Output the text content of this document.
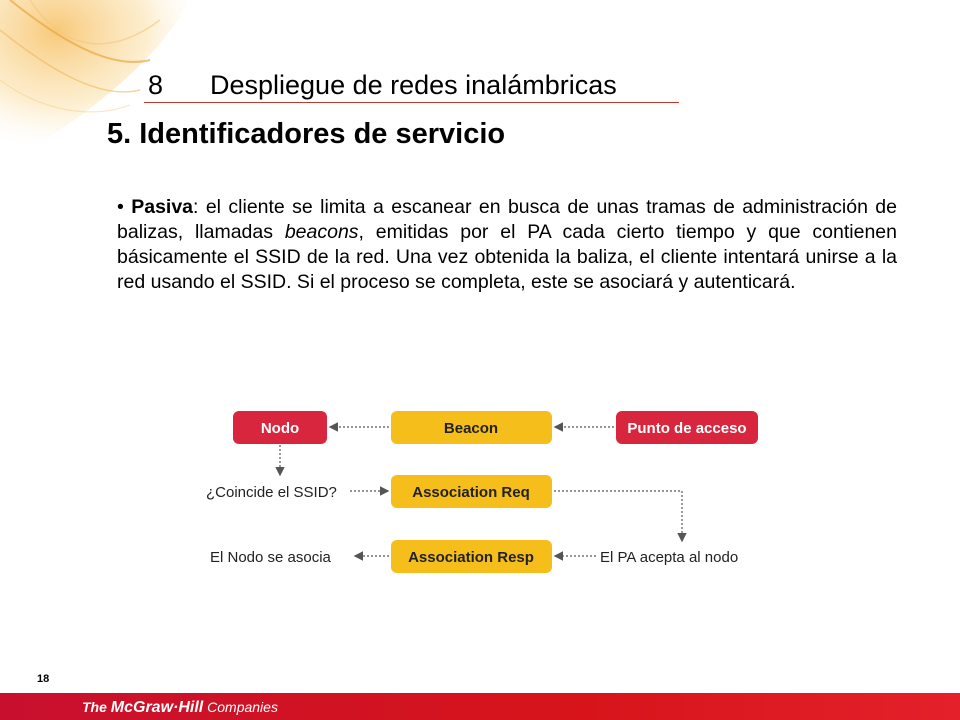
8 Despliegue de redes inalámbricas
5. Identificadores de servicio
• Pasiva: el cliente se limita a escanear en busca de unas tramas de administración de balizas, llamadas beacons, emitidas por el PA cada cierto tiempo y que contienen básicamente el SSID de la red. Una vez obtenida la baliza, el cliente intentará unirse a la red usando el SSID. Si el proceso se completa, este se asociará y autenticará.
Nodo	Beacon	Punto de acceso
¿Coincide el SSID?	Association Req
El Nodo se asocia	Association Resp	El PA acepta al nodo
18
The McGraw·Hill Companies
